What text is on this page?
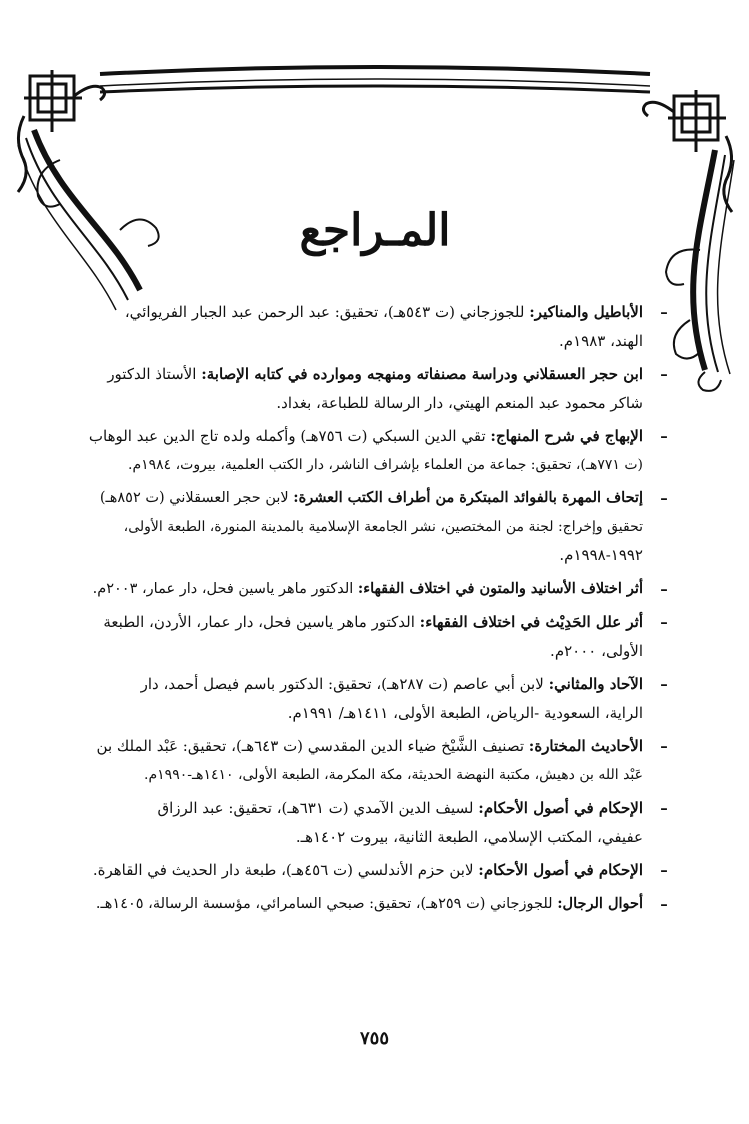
المـراجع
–
الأباطيل والمناكير: للجوزجاني (ت ٥٤٣هـ)، تحقيق: عبد الرحمن عبد الجبار الفريوائي،
الهند، ١٩٨٣م.
–
ابن حجر العسقلاني ودراسة مصنفاته ومنهجه وموارده في كتابه الإصابة: الأستاذ الدكتور
شاكر محمود عبد المنعم الهيتي، دار الرسالة للطباعة، بغداد.
–
الإبهاج في شرح المنهاج: تقي الدين السبكي (ت ٧٥٦هـ) وأكمله ولده تاج الدين عبد الوهاب
(ت ٧٧١هـ)، تحقيق: جماعة من العلماء بإشراف الناشر، دار الكتب العلمية، بيروت، ١٩٨٤م.
–
إتحاف المهرة بالفوائد المبتكرة من أطراف الكتب العشرة: لابن حجر العسقلاني (ت ٨٥٢هـ)
تحقيق وإخراج: لجنة من المختصين، نشر الجامعة الإسلامية بالمدينة المنورة، الطبعة الأولى،
١٩٩٢-١٩٩٨م.
–
أثر اختلاف الأسانيد والمتون في اختلاف الفقهاء: الدكتور ماهر ياسين فحل، دار عمار، ٢٠٠٣م.
–
أثر علل الحَدِيْث في اختلاف الفقهاء: الدكتور ماهر ياسين فحل، دار عمار، الأردن، الطبعة
الأولى، ٢٠٠٠م.
–
الآحاد والمثاني: لابن أبي عاصم (ت ٢٨٧هـ)، تحقيق: الدكتور باسم فيصل أحمد، دار
الراية، السعودية -الرياض، الطبعة الأولى، ١٤١١هـ/ ١٩٩١م.
–
الأحاديث المختارة: تصنيف الشَّيْخ ضياء الدين المقدسي (ت ٦٤٣هـ)، تحقيق: عَبْد الملك بن
عَبْد الله بن دهيش، مكتبة النهضة الحديثة، مكة المكرمة، الطبعة الأولى، ١٤١٠هـ-١٩٩٠م.
–
الإحكام في أصول الأحكام: لسيف الدين الآمدي (ت ٦٣١هـ)، تحقيق: عبد الرزاق
عفيفي، المكتب الإسلامي، الطبعة الثانية، بيروت ١٤٠٢هـ.
–
الإحكام في أصول الأحكام: لابن حزم الأندلسي (ت ٤٥٦هـ)، طبعة دار الحديث في القاهرة.
–
أحوال الرجال: للجوزجاني (ت ٢٥٩هـ)، تحقيق: صبحي السامرائي، مؤسسة الرسالة، ١٤٠٥هـ.
٧٥٥
